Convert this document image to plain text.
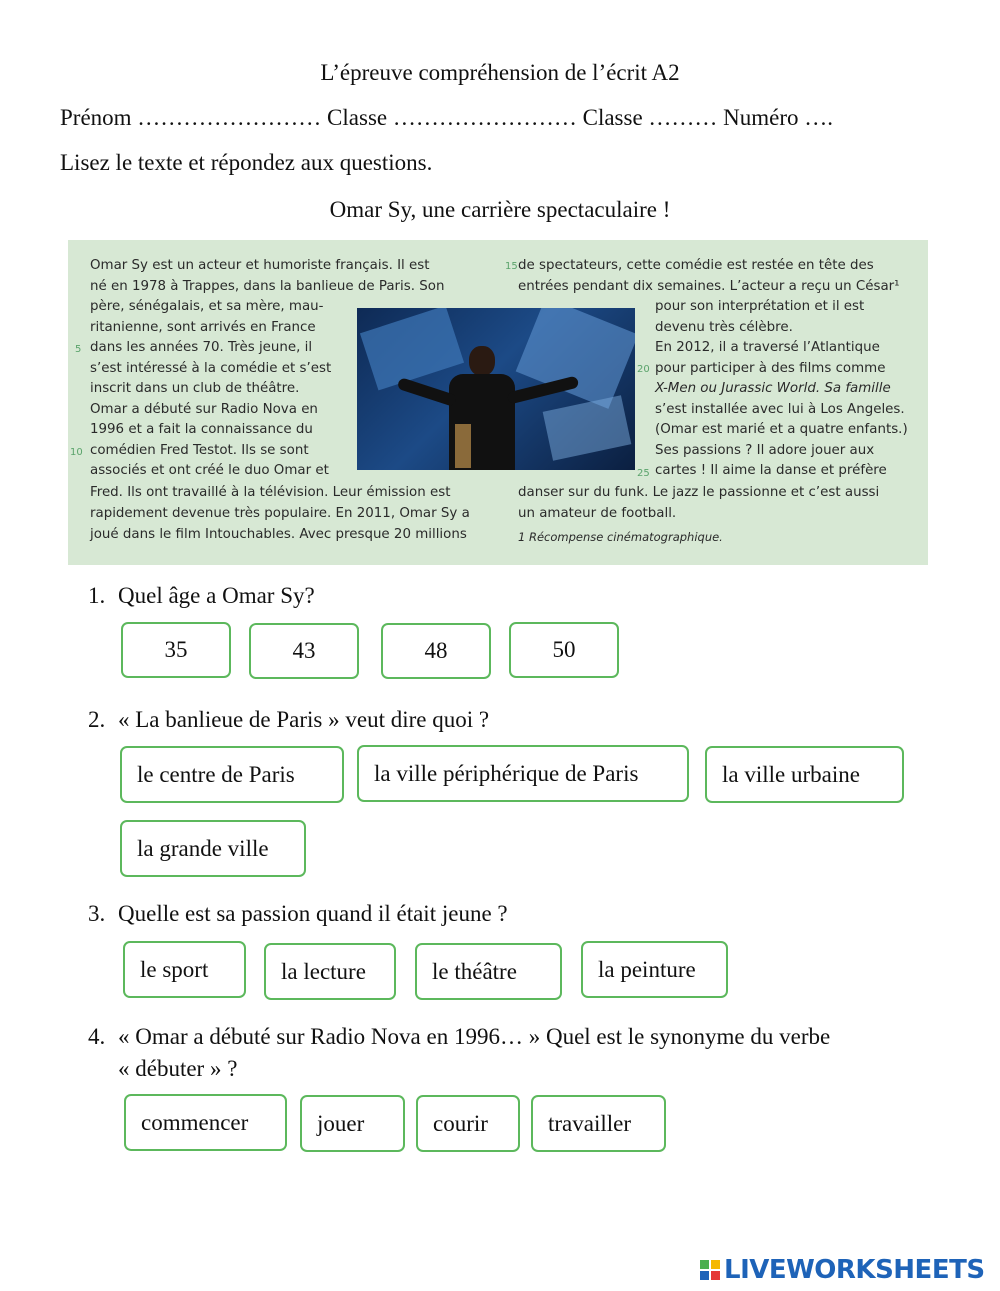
L’épreuve compréhension de l’écrit A2
Prénom …………………… Classe …………………… Classe ……… Numéro ….
Lisez le texte et répondez aux questions.
Omar Sy, une carrière spectaculaire !
5
10
15
20
25
Omar Sy est un acteur et humoriste français. Il est
né en 1978 à Trappes, dans la banlieue de Paris. Son
père, sénégalais, et sa mère, mau-
ritanienne, sont arrivés en France
dans les années 70. Très jeune, il
s’est intéressé à la comédie et s’est
inscrit dans un club de théâtre.
Omar a débuté sur Radio Nova en
1996 et a fait la connaissance du
comédien Fred Testot. Ils se sont
associés et ont créé le duo Omar et
Fred. Ils ont travaillé à la télévision. Leur émission est
rapidement devenue très populaire. En 2011, Omar Sy a
joué dans le film Intouchables. Avec presque 20 millions
de spectateurs, cette comédie est restée en tête des
entrées pendant dix semaines. L’acteur a reçu un César¹
pour son interprétation et il est
devenu très célèbre.
En 2012, il a traversé l’Atlantique
pour participer à des films comme
X-Men ou Jurassic World. Sa famille
s’est installée avec lui à Los Angeles.
(Omar est marié et a quatre enfants.)
Ses passions ? Il adore jouer aux
cartes ! Il aime la danse et préfère
danser sur du funk. Le jazz le passionne et c’est aussi
un amateur de football.
1 Récompense cinématographique.
1. Quel âge a Omar Sy?
35	43	48	50
2. « La banlieue de Paris » veut dire quoi ?
le centre de Paris	la ville périphérique de Paris	la ville urbaine
la grande ville
3. Quelle est sa passion quand il était jeune ?
le sport	la lecture	le théâtre	la peinture
4. « Omar a débuté sur Radio Nova en 1996… » Quel est le synonyme du verbe
« débuter » ?
commencer	jouer	courir	travailler
LIVEWORKSHEETS
